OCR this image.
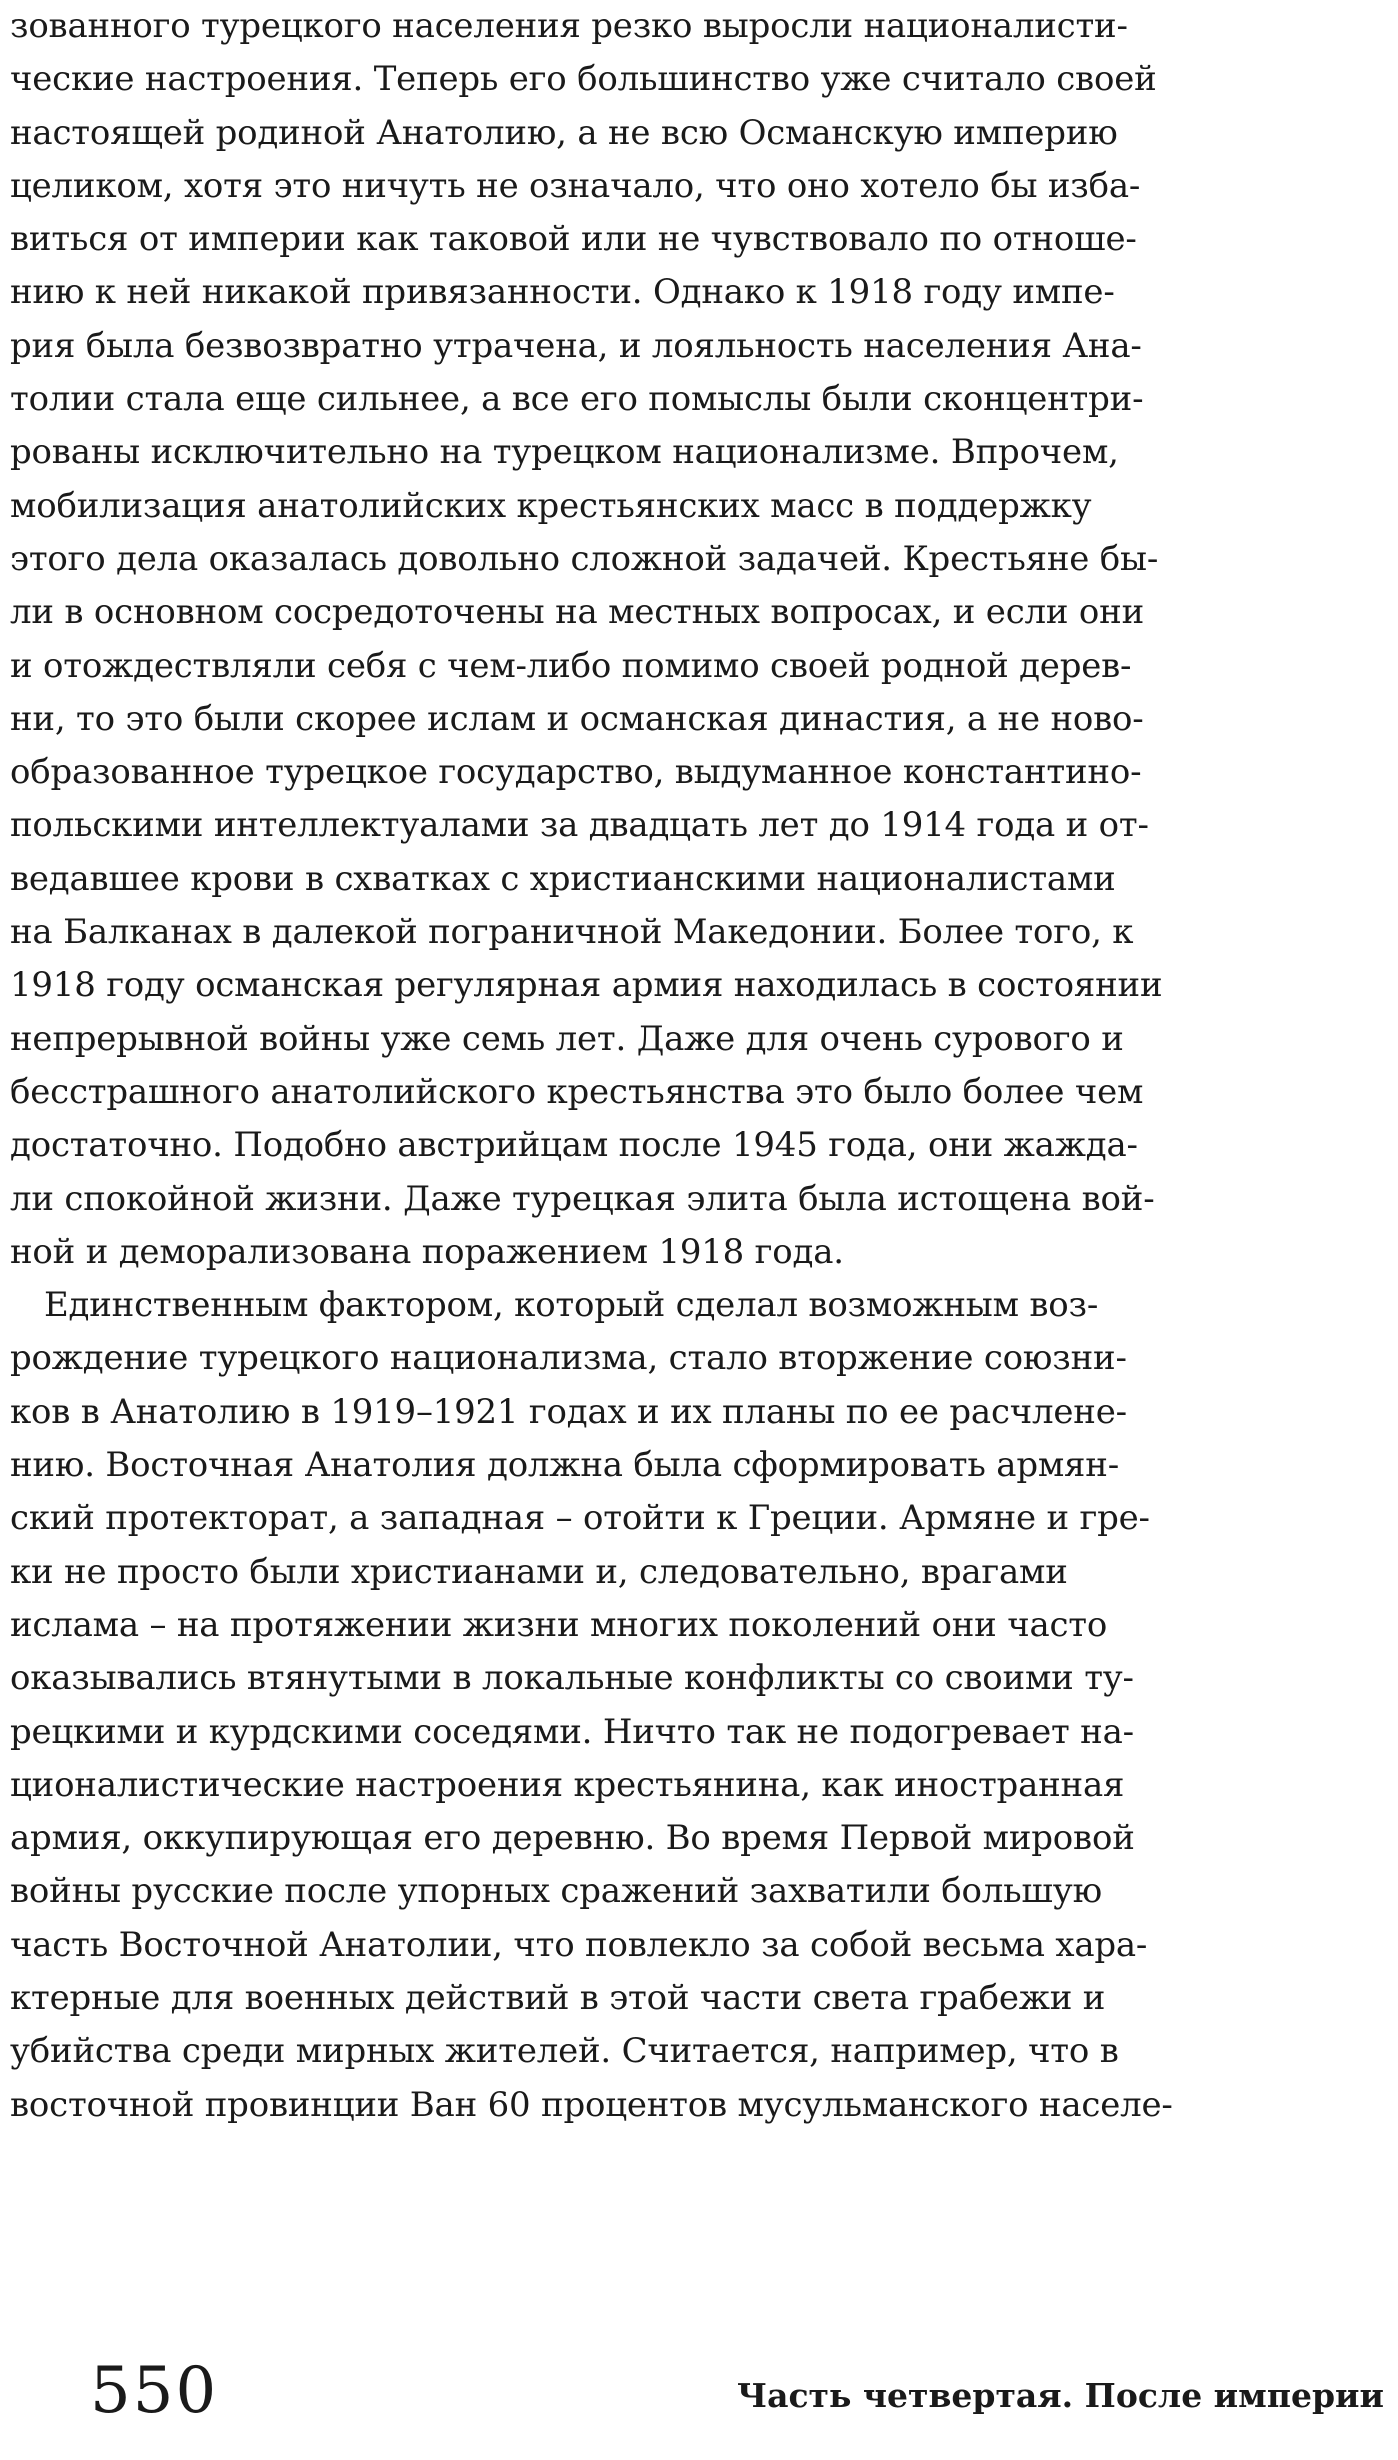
зованного турецкого населения резко выросли националисти-
ческие настроения. Теперь его большинство уже считало своей
настоящей родиной Анатолию, а не всю Османскую империю
целиком, хотя это ничуть не означало, что оно хотело бы изба-
виться от империи как таковой или не чувствовало по отноше-
нию к ней никакой привязанности. Однако к 1918 году импе-
рия была безвозвратно утрачена, и лояльность населения Ана-
толии стала еще сильнее, а все его помыслы были сконцентри-
рованы исключительно на турецком национализме. Впрочем,
мобилизация анатолийских крестьянских масс в поддержку
этого дела оказалась довольно сложной задачей. Крестьяне бы-
ли в основном сосредоточены на местных вопросах, и если они
и отождествляли себя с чем-либо помимо своей родной дерев-
ни, то это были скорее ислам и османская династия, а не ново-
образованное турецкое государство, выдуманное константино-
польскими интеллектуалами за двадцать лет до 1914 года и от-
ведавшее крови в схватках с христианскими националистами
на Балканах в далекой пограничной Македонии. Более того, к
1918 году османская регулярная армия находилась в состоянии
непрерывной войны уже семь лет. Даже для очень сурового и
бесстрашного анатолийского крестьянства это было более чем
достаточно. Подобно австрийцам после 1945 года, они жажда-
ли спокойной жизни. Даже турецкая элита была истощена вой-
ной и деморализована поражением 1918 года.
Единственным фактором, который сделал возможным воз-
рождение турецкого национализма, стало вторжение союзни-
ков в Анатолию в 1919–1921 годах и их планы по ее расчлене-
нию. Восточная Анатолия должна была сформировать армян-
ский протекторат, а западная – отойти к Греции. Армяне и гре-
ки не просто были христианами и, следовательно, врагами
ислама – на протяжении жизни многих поколений они часто
оказывались втянутыми в локальные конфликты со своими ту-
рецкими и курдскими соседями. Ничто так не подогревает на-
ционалистические настроения крестьянина, как иностранная
армия, оккупирующая его деревню. Во время Первой мировой
войны русские после упорных сражений захватили большую
часть Восточной Анатолии, что повлекло за собой весьма хара-
ктерные для военных действий в этой части света грабежи и
убийства среди мирных жителей. Считается, например, что в
восточной провинции Ван 60 процентов мусульманского населе-
550	Часть четвертая. После империи
